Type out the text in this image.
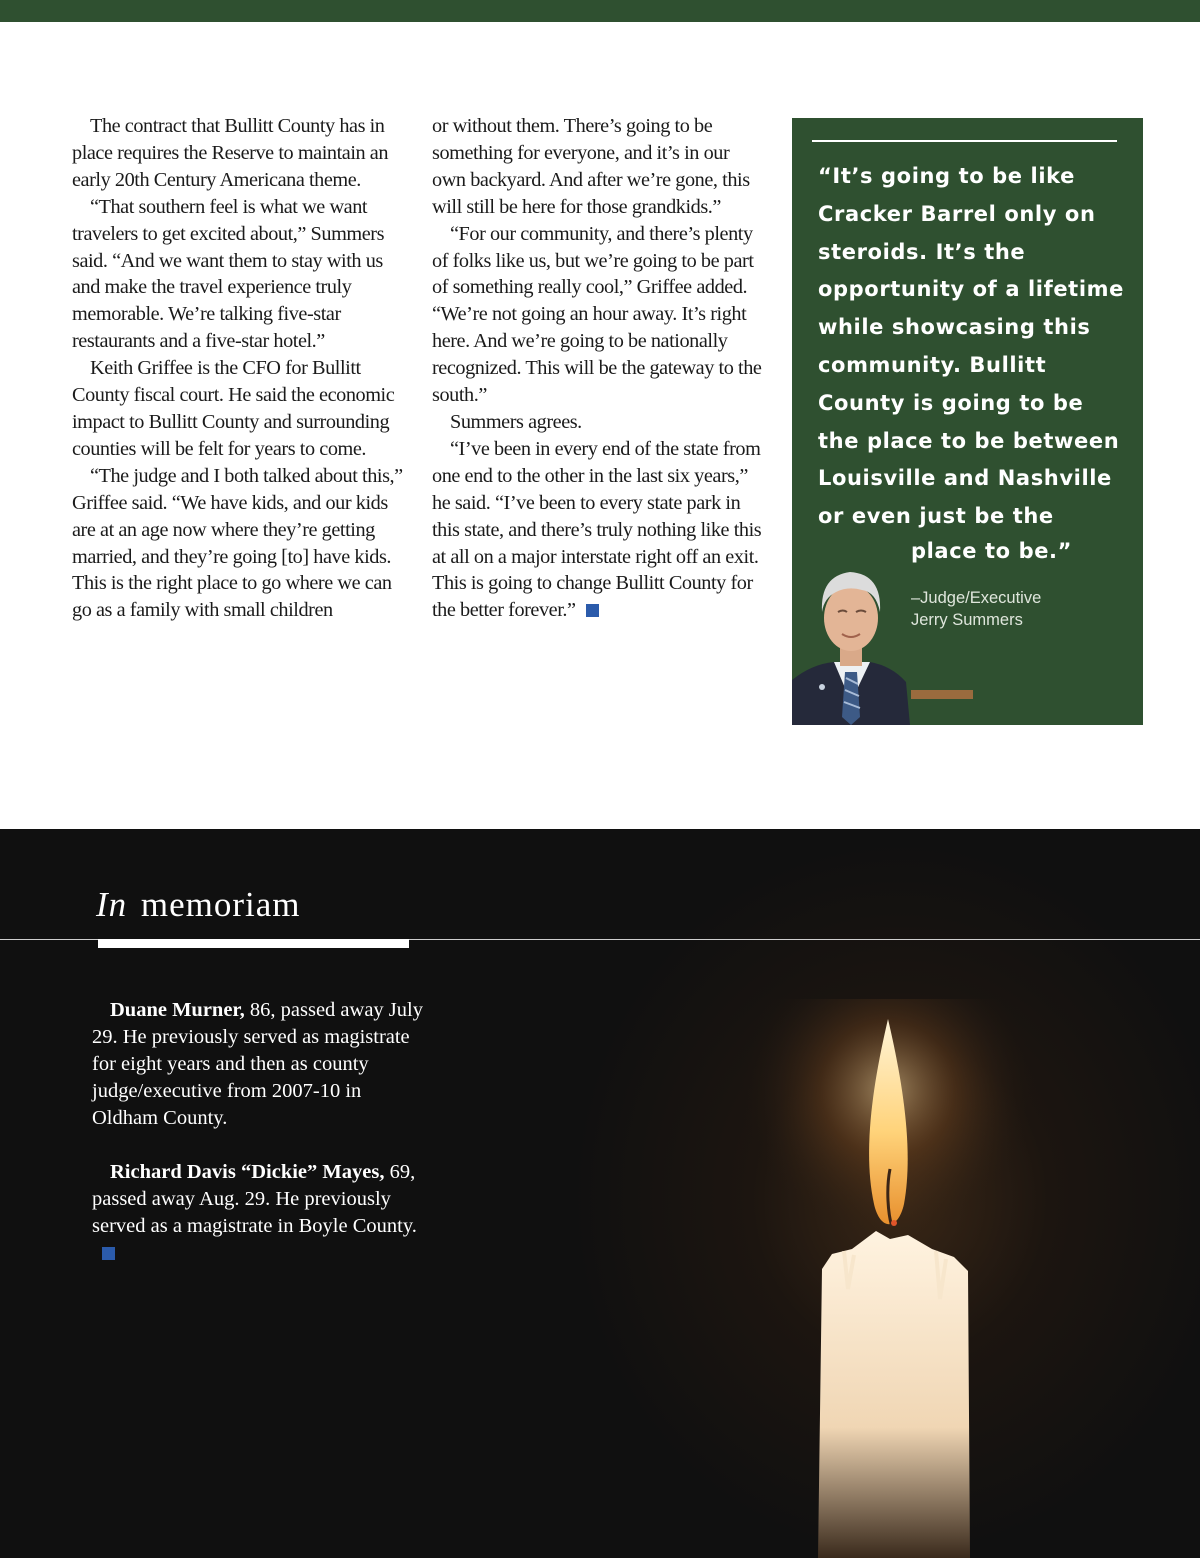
The contract that Bullitt County has in place requires the Reserve to maintain an early 20th Century Americana theme.

“That southern feel is what we want travelers to get excited about,” Summers said. “And we want them to stay with us and make the travel experience truly memorable. We’re talking five-star restaurants and a five-star hotel.”

Keith Griffee is the CFO for Bullitt County fiscal court. He said the economic impact to Bullitt County and surrounding counties will be felt for years to come.

“The judge and I both talked about this,” Griffee said. “We have kids, and our kids are at an age now where they’re getting married, and they’re going [to] have kids. This is the right place to go where we can go as a family with small children

or without them. There’s going to be something for everyone, and it’s in our own backyard. And after we’re gone, this will still be here for those grandkids.”

“For our community, and there’s plenty of folks like us, but we’re going to be part of something really cool,” Griffee added. “We’re not going an hour away. It’s right here. And we’re going to be nationally recognized. This will be the gateway to the south.”

Summers agrees.

“I’ve been in every end of the state from one end to the other in the last six years,” he said. “I’ve been to every state park in this state, and there’s truly nothing like this at all on a major interstate right off an exit. This is going to change Bullitt County for the better forever.”

“It’s going to be like Cracker Barrel only on steroids. It’s the opportunity of a lifetime while showcasing this community. Bullitt County is going to be the place to be between Louisville and Nashville or even just be the

place to be.”
–Judge/Executive
Jerry Summers
In memoriam

Duane Murner, 86, passed away July 29. He previously served as magistrate for eight years and then as county judge/executive from 2007-10 in Oldham County.

Richard Davis “Dickie” Mayes, 69, passed away Aug. 29. He previously served as a magistrate in Boyle County.
